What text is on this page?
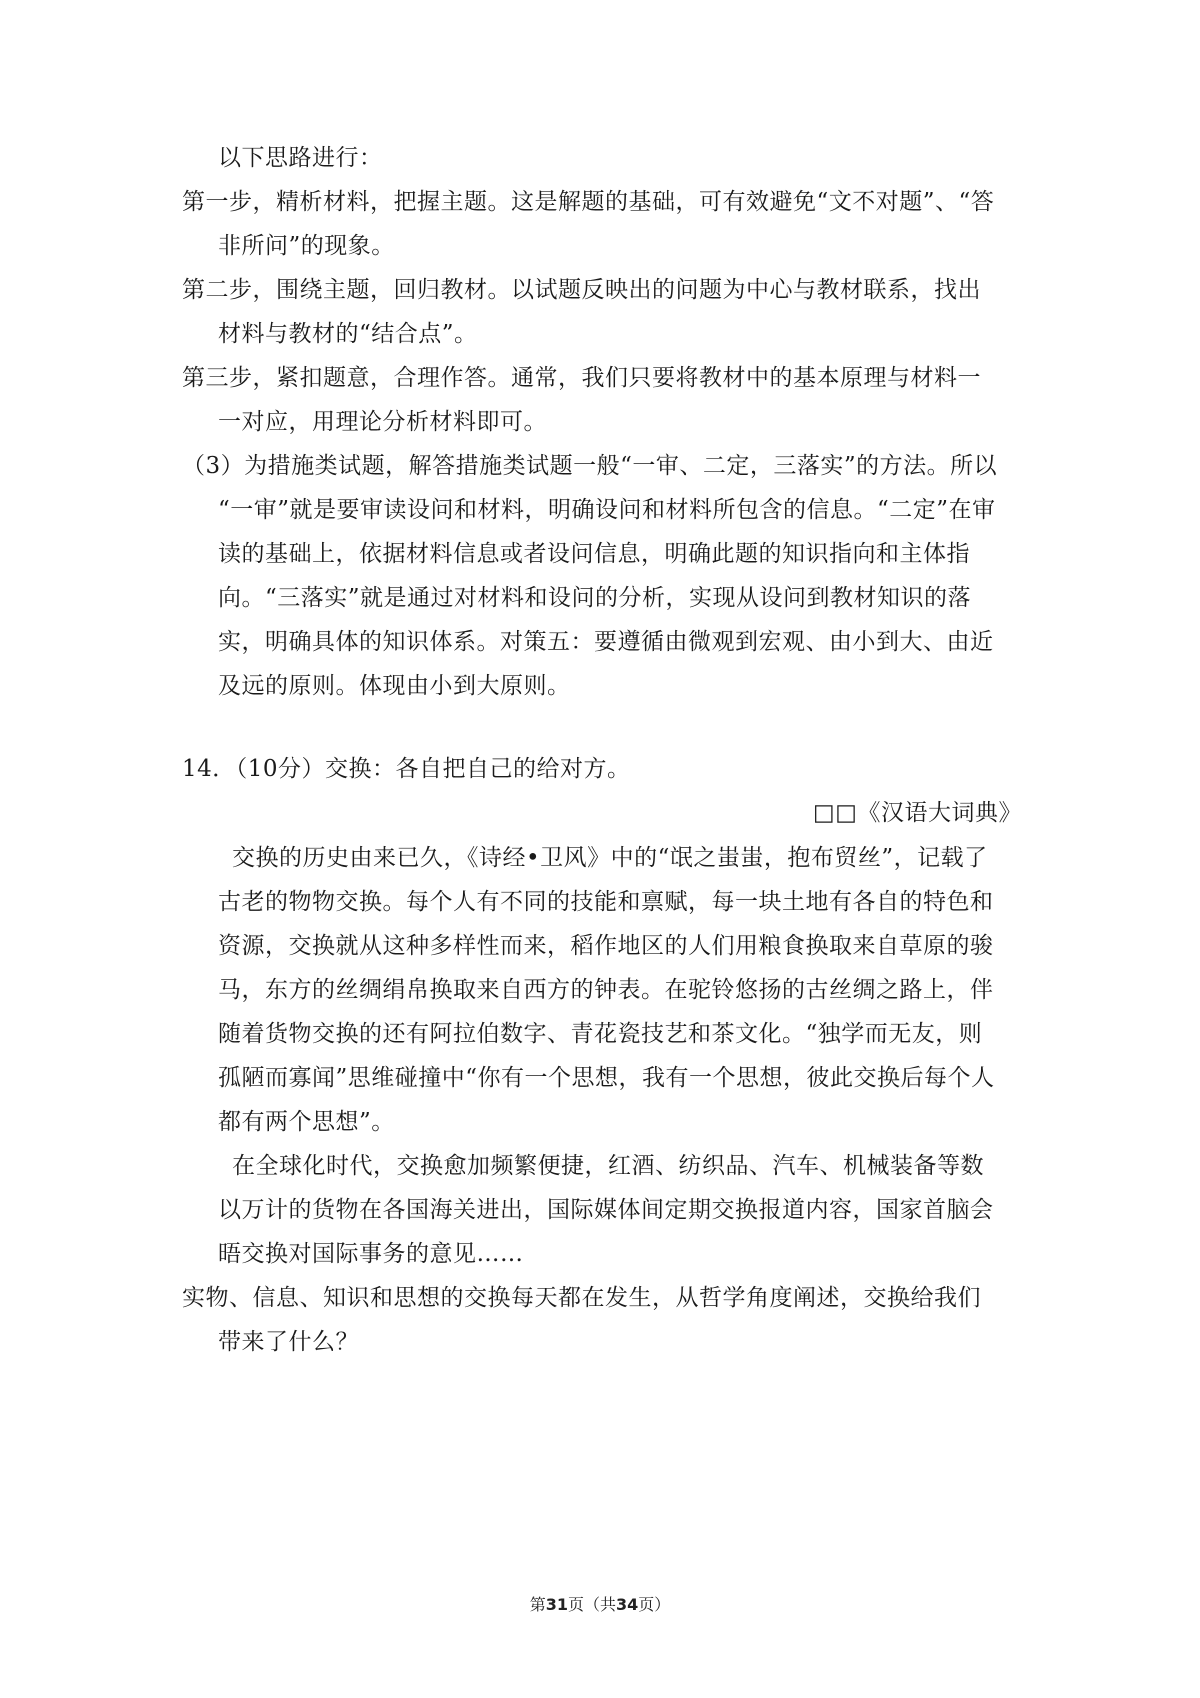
以下思路进行：
第一步，精析材料，把握主题。这是解题的基础，可有效避免“文不对题”、“答
非所问”的现象。
第二步，围绕主题，回归教材。以试题反映出的问题为中心与教材联系，找出
材料与教材的“结合点”。
第三步，紧扣题意，合理作答。通常，我们只要将教材中的基本原理与材料一
一对应，用理论分析材料即可。
（3）为措施类试题，解答措施类试题一般“一审、二定，三落实”的方法。所以
“一审”就是要审读设问和材料，明确设问和材料所包含的信息。“二定”在审
读的基础上，依据材料信息或者设问信息，明确此题的知识指向和主体指
向。“三落实”就是通过对材料和设问的分析，实现从设问到教材知识的落
实，明确具体的知识体系。对策五：要遵循由微观到宏观、由小到大、由近
及远的原则。体现由小到大原则。
14．（10分）交换：各自把自己的给对方。
□□《汉语大词典》
交换的历史由来已久，《诗经•卫风》中的“氓之蚩蚩，抱布贸丝”，记载了
古老的物物交换。每个人有不同的技能和禀赋，每一块土地有各自的特色和
资源，交换就从这种多样性而来，稻作地区的人们用粮食换取来自草原的骏
马，东方的丝绸绢帛换取来自西方的钟表。在驼铃悠扬的古丝绸之路上，伴
随着货物交换的还有阿拉伯数字、青花瓷技艺和茶文化。“独学而无友，则
孤陋而寡闻”思维碰撞中“你有一个思想，我有一个思想，彼此交换后每个人
都有两个思想”。
在全球化时代，交换愈加频繁便捷，红酒、纺织品、汽车、机械装备等数
以万计的货物在各国海关进出，国际媒体间定期交换报道内容，国家首脑会
晤交换对国际事务的意见……
实物、信息、知识和思想的交换每天都在发生，从哲学角度阐述，交换给我们
带来了什么？
第31页（共34页）
